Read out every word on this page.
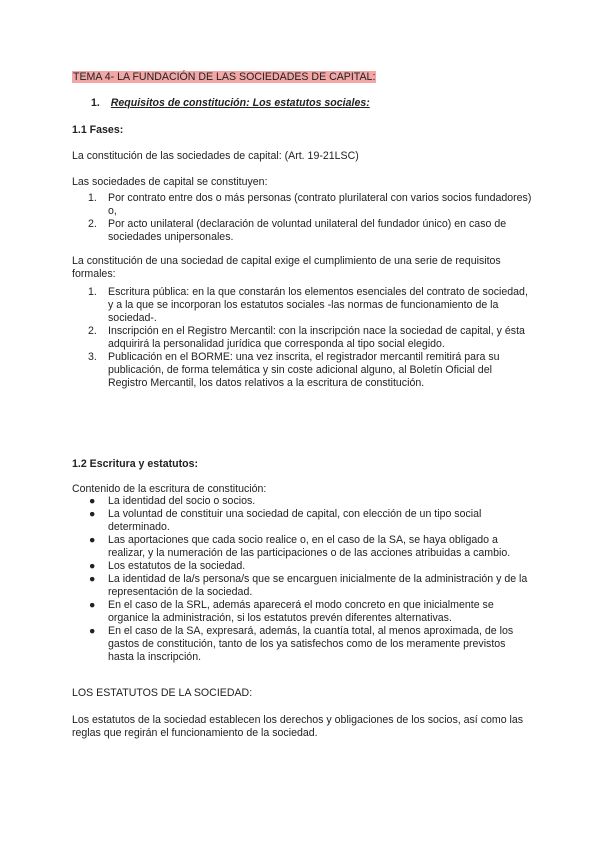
TEMA 4- LA FUNDACIÓN DE LAS SOCIEDADES DE CAPITAL:
1. Requisitos de constitución: Los estatutos sociales:
1.1 Fases:
La constitución de las sociedades de capital: (Art. 19-21LSC)
Las sociedades de capital se constituyen:
1. Por contrato entre dos o más personas (contrato plurilateral con varios socios fundadores) o,
2. Por acto unilateral (declaración de voluntad unilateral del fundador único) en caso de sociedades unipersonales.
La constitución de una sociedad de capital exige el cumplimiento de una serie de requisitos formales:
1. Escritura pública: en la que constarán los elementos esenciales del contrato de sociedad, y a la que se incorporan los estatutos sociales -las normas de funcionamiento de la sociedad-.
2. Inscripción en el Registro Mercantil: con la inscripción nace la sociedad de capital, y ésta adquirirá la personalidad jurídica que corresponda al tipo social elegido.
3. Publicación en el BORME: una vez inscrita, el registrador mercantil remitirá para su publicación, de forma telemática y sin coste adicional alguno, al Boletín Oficial del Registro Mercantil, los datos relativos a la escritura de constitución.
1.2 Escritura y estatutos:
Contenido de la escritura de constitución:
● La identidad del socio o socios.
● La voluntad de constituir una sociedad de capital, con elección de un tipo social determinado.
● Las aportaciones que cada socio realice o, en el caso de la SA, se haya obligado a realizar, y la numeración de las participaciones o de las acciones atribuidas a cambio.
● Los estatutos de la sociedad.
● La identidad de la/s persona/s que se encarguen inicialmente de la administración y de la representación de la sociedad.
● En el caso de la SRL, además aparecerá el modo concreto en que inicialmente se organice la administración, si los estatutos prevén diferentes alternativas.
● En el caso de la SA, expresará, además, la cuantía total, al menos aproximada, de los gastos de constitución, tanto de los ya satisfechos como de los meramente previstos hasta la inscripción.
LOS ESTATUTOS DE LA SOCIEDAD:
Los estatutos de la sociedad establecen los derechos y obligaciones de los socios, así como las reglas que regirán el funcionamiento de la sociedad.
